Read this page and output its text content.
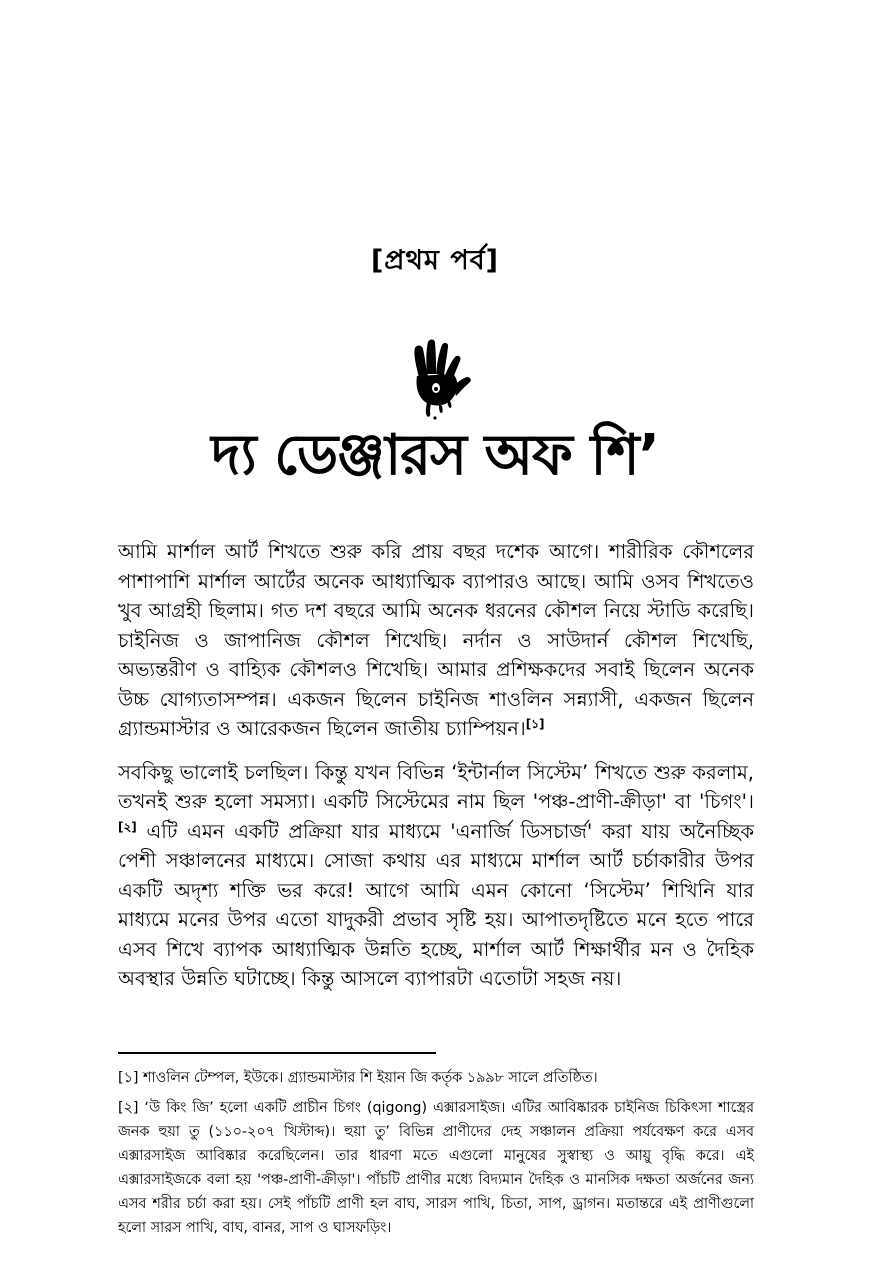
[প্রথম পর্ব]
দ্য ডেঞ্জারস অফ শি’

আমি মার্শাল আর্ট শিখতে শুরু করি প্রায় বছর দশেক আগে। শারীরিক কৌশলের পাশাপাশি মার্শাল আর্টের অনেক আধ্যাত্মিক ব্যাপারও আছে। আমি ওসব শিখতেও খুব আগ্রহী ছিলাম। গত দশ বছরে আমি অনেক ধরনের কৌশল নিয়ে স্টাডি করেছি। চাইনিজ ও জাপানিজ কৌশল শিখেছি। নর্দান ও সাউদার্ন কৌশল শিখেছি, অভ্যন্তরীণ ও বাহ্যিক কৌশলও শিখেছি। আমার প্রশিক্ষকদের সবাই ছিলেন অনেক উচ্চ যোগ্যতাসম্পন্ন। একজন ছিলেন চাইনিজ শাওলিন সন্ন্যাসী, একজন ছিলেন গ্র্যান্ডমাস্টার ও আরেকজন ছিলেন জাতীয় চ্যাম্পিয়ন।[১]

সবকিছু ভালোই চলছিল। কিন্তু যখন বিভিন্ন ‘ইন্টার্নাল সিস্টেম’ শিখতে শুরু করলাম, তখনই শুরু হলো সমস্যা। একটি সিস্টেমের নাম ছিল 'পঞ্চ-প্রাণী-ক্রীড়া' বা 'চিগং'।[২] এটি এমন একটি প্রক্রিয়া যার মাধ্যমে 'এনার্জি ডিসচার্জ' করা যায় অনৈচ্ছিক পেশী সঞ্চালনের মাধ্যমে। সোজা কথায় এর মাধ্যমে মার্শাল আর্ট চর্চাকারীর উপর একটি অদৃশ্য শক্তি ভর করে! আগে আমি এমন কোনো ‘সিস্টেম’ শিখিনি যার মাধ্যমে মনের উপর এতো যাদুকরী প্রভাব সৃষ্টি হয়। আপাতদৃষ্টিতে মনে হতে পারে এসব শিখে ব্যাপক আধ্যাত্মিক উন্নতি হচ্ছে, মার্শাল আর্ট শিক্ষার্থীর মন ও দৈহিক অবস্থার উন্নতি ঘটাচ্ছে। কিন্তু আসলে ব্যাপারটা এতোটা সহজ নয়।

[১] শাওলিন টেম্পল, ইউকে। গ্র্যান্ডমাস্টার শি ইয়ান জি কর্তৃক ১৯৯৮ সালে প্রতিষ্ঠিত।

[২] ‘উ কিং জি’ হলো একটি প্রাচীন চিগং (qigong) এক্সারসাইজ। এটির আবিষ্কারক চাইনিজ চিকিৎসা শাস্ত্রের জনক হুয়া তু (১১০-২০৭ খিস্টাব্দ)। হুয়া তু’ বিভিন্ন প্রাণীদের দেহ সঞ্চালন প্রক্রিয়া পর্যবেক্ষণ করে এসব এক্সারসাইজ আবিষ্কার করেছিলেন। তার ধারণা মতে এগুলো মানুষের সুস্বাস্থ্য ও আয়ু বৃদ্ধি করে। এই এক্সারসাইজকে বলা হয় 'পঞ্চ-প্রাণী-ক্রীড়া'। পাঁচটি প্রাণীর মধ্যে বিদ্যমান দৈহিক ও মানসিক দক্ষতা অর্জনের জন্য এসব শরীর চর্চা করা হয়। সেই পাঁচটি প্রাণী হল বাঘ, সারস পাখি, চিতা, সাপ, ড্রাগন। মতান্তরে এই প্রাণীগুলো হলো সারস পাখি, বাঘ, বানর, সাপ ও ঘাসফড়িং।
